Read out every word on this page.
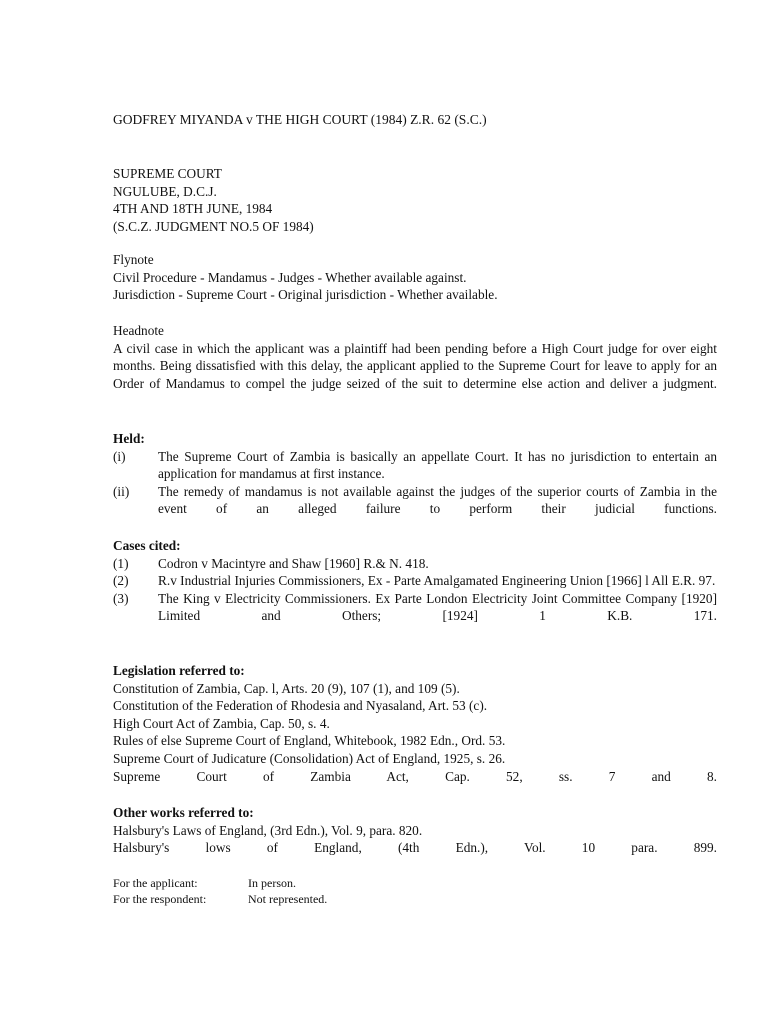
GODFREY MIYANDA v THE HIGH COURT (1984) Z.R. 62 (S.C.)
SUPREME COURT
NGULUBE, D.C.J.
4TH AND 18TH JUNE, 1984
(S.C.Z. JUDGMENT NO.5 OF 1984)
Flynote
Civil Procedure - Mandamus - Judges - Whether available against.
Jurisdiction - Supreme Court - Original jurisdiction - Whether available.
Headnote
A civil case in which the applicant was a plaintiff had been pending before a High Court judge for over eight months. Being dissatisfied with this delay, the applicant applied to the Supreme Court for leave to apply for an Order of Mandamus to compel the judge seized of the suit to determine else action and deliver a judgment.
Held:
(i)	The Supreme Court of Zambia is basically an appellate Court. It has no jurisdiction to entertain an application for mandamus at first instance.
(ii)	The remedy of mandamus is not available against the judges of the superior courts of Zambia in the event of an alleged failure to perform their judicial functions.
Cases cited:
(1)	Codron v Macintyre and Shaw [1960] R.& N. 418.
(2)	R.v Industrial Injuries Commissioners, Ex - Parte Amalgamated Engineering Union [1966] l All E.R. 97.
(3)	The King v Electricity Commissioners. Ex Parte London Electricity Joint Committee Company [1920] Limited and Others; [1924] 1 K.B. 171.
Legislation referred to:
Constitution of Zambia, Cap. l, Arts. 20 (9), 107 (1), and 109 (5).
Constitution of the Federation of Rhodesia and Nyasaland, Art. 53 (c).
High Court Act of Zambia, Cap. 50, s. 4.
Rules of else Supreme Court of England, Whitebook, 1982 Edn., Ord. 53.
Supreme Court of Judicature (Consolidation) Act of England, 1925, s. 26.
Supreme Court of Zambia Act, Cap. 52, ss. 7 and 8.
Other works referred to:
Halsbury's Laws of England, (3rd Edn.), Vol. 9, para. 820.
Halsbury's lows of England, (4th Edn.), Vol. 10 para. 899.
For the applicant:	In person.
For the respondent:	Not represented.
